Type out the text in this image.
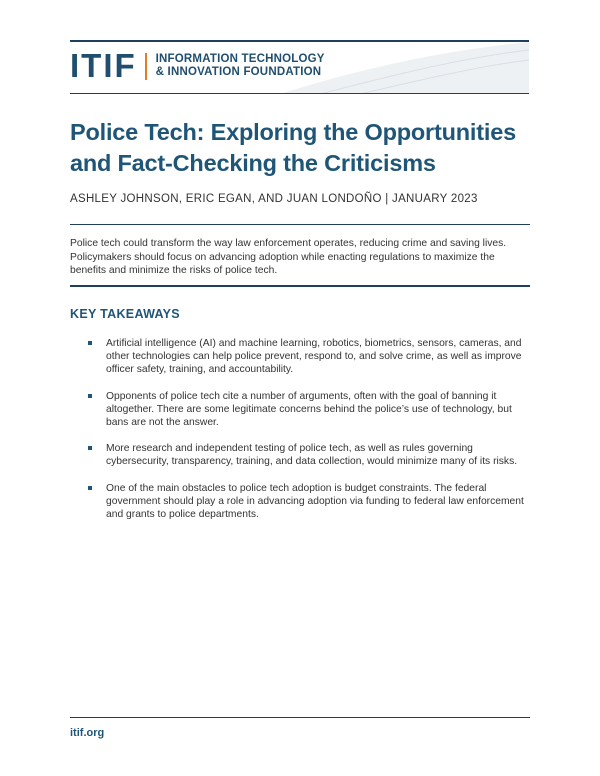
ITIF INFORMATION TECHNOLOGY
& INNOVATION FOUNDATION
Police Tech: Exploring the Opportunities and Fact-Checking the Criticisms
ASHLEY JOHNSON, ERIC EGAN, AND JUAN LONDOÑO | JANUARY 2023

Police tech could transform the way law enforcement operates, reducing crime and saving lives. Policymakers should focus on advancing adoption while enacting regulations to maximize the benefits and minimize the risks of police tech.

KEY TAKEAWAYS
Artificial intelligence (AI) and machine learning, robotics, biometrics, sensors, cameras, and other technologies can help police prevent, respond to, and solve crime, as well as improve officer safety, training, and accountability.
Opponents of police tech cite a number of arguments, often with the goal of banning it altogether. There are some legitimate concerns behind the police’s use of technology, but bans are not the answer.
More research and independent testing of police tech, as well as rules governing cybersecurity, transparency, training, and data collection, would minimize many of its risks.
One of the main obstacles to police tech adoption is budget constraints. The federal government should play a role in advancing adoption via funding to federal law enforcement and grants to police departments.
itif.org
